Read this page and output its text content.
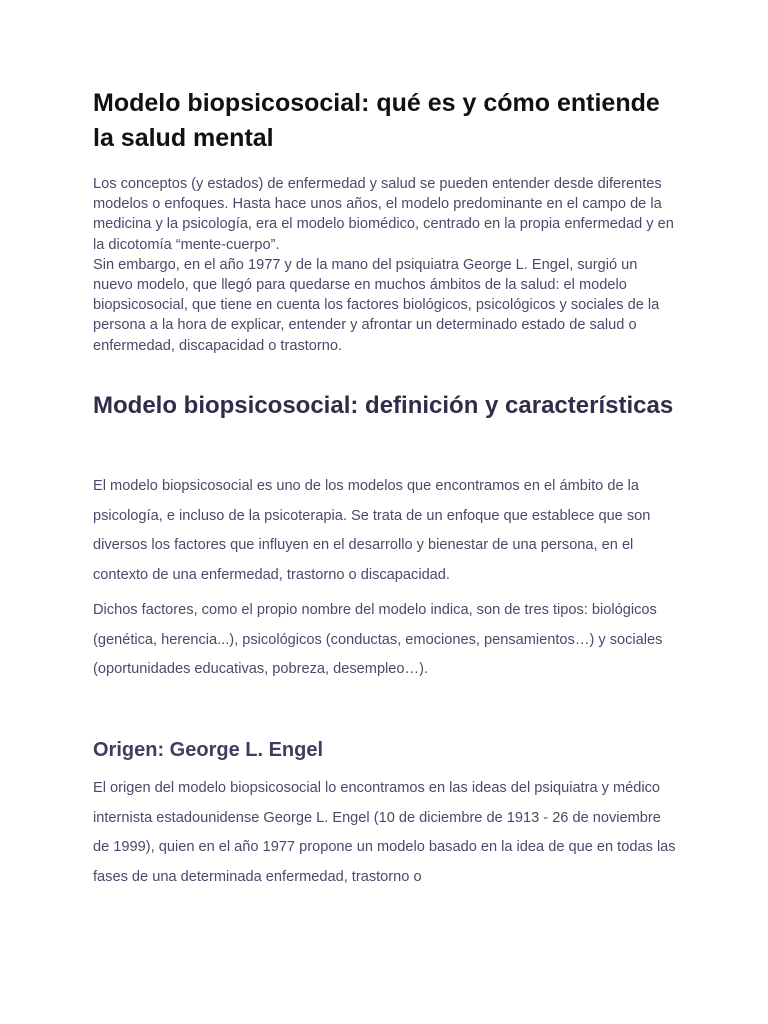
Modelo biopsicosocial: qué es y cómo entiende la salud mental
Los conceptos (y estados) de enfermedad y salud se pueden entender desde diferentes modelos o enfoques. Hasta hace unos años, el modelo predominante en el campo de la medicina y la psicología, era el modelo biomédico, centrado en la propia enfermedad y en la dicotomía “mente-cuerpo”.
Sin embargo, en el año 1977 y de la mano del psiquiatra George L. Engel, surgió un nuevo modelo, que llegó para quedarse en muchos ámbitos de la salud: el modelo biopsicosocial, que tiene en cuenta los factores biológicos, psicológicos y sociales de la persona a la hora de explicar, entender y afrontar un determinado estado de salud o enfermedad, discapacidad o trastorno.
Modelo biopsicosocial: definición y características

El modelo biopsicosocial es uno de los modelos que encontramos en el ámbito de la psicología, e incluso de la psicoterapia. Se trata de un enfoque que establece que son diversos los factores que influyen en el desarrollo y bienestar de una persona, en el contexto de una enfermedad, trastorno o discapacidad.

Dichos factores, como el propio nombre del modelo indica, son de tres tipos: biológicos (genética, herencia...), psicológicos (conductas, emociones, pensamientos…) y sociales (oportunidades educativas, pobreza, desempleo…).

Origen: George L. Engel

El origen del modelo biopsicosocial lo encontramos en las ideas del psiquiatra y médico internista estadounidense George L. Engel (10 de diciembre de 1913 - 26 de noviembre de 1999), quien en el año 1977 propone un modelo basado en la idea de que en todas las fases de una determinada enfermedad, trastorno o
